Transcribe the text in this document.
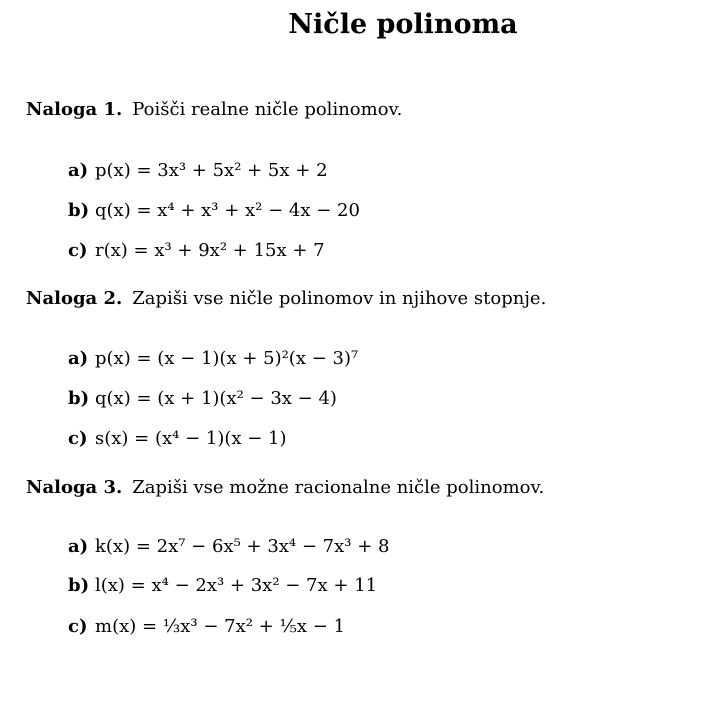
Ničle polinoma
Naloga 1. Poišči realne ničle polinomov.
a) p(x) = 3x³ + 5x² + 5x + 2
b) q(x) = x⁴ + x³ + x² − 4x − 20
c) r(x) = x³ + 9x² + 15x + 7
Naloga 2. Zapiši vse ničle polinomov in njihove stopnje.
a) p(x) = (x − 1)(x + 5)²(x − 3)⁷
b) q(x) = (x + 1)(x² − 3x − 4)
c) s(x) = (x⁴ − 1)(x − 1)
Naloga 3. Zapiši vse možne racionalne ničle polinomov.
a) k(x) = 2x⁷ − 6x⁵ + 3x⁴ − 7x³ + 8
b) l(x) = x⁴ − 2x³ + 3x² − 7x + 11
c) m(x) = ⅓x³ − 7x² + ⅕x − 1
